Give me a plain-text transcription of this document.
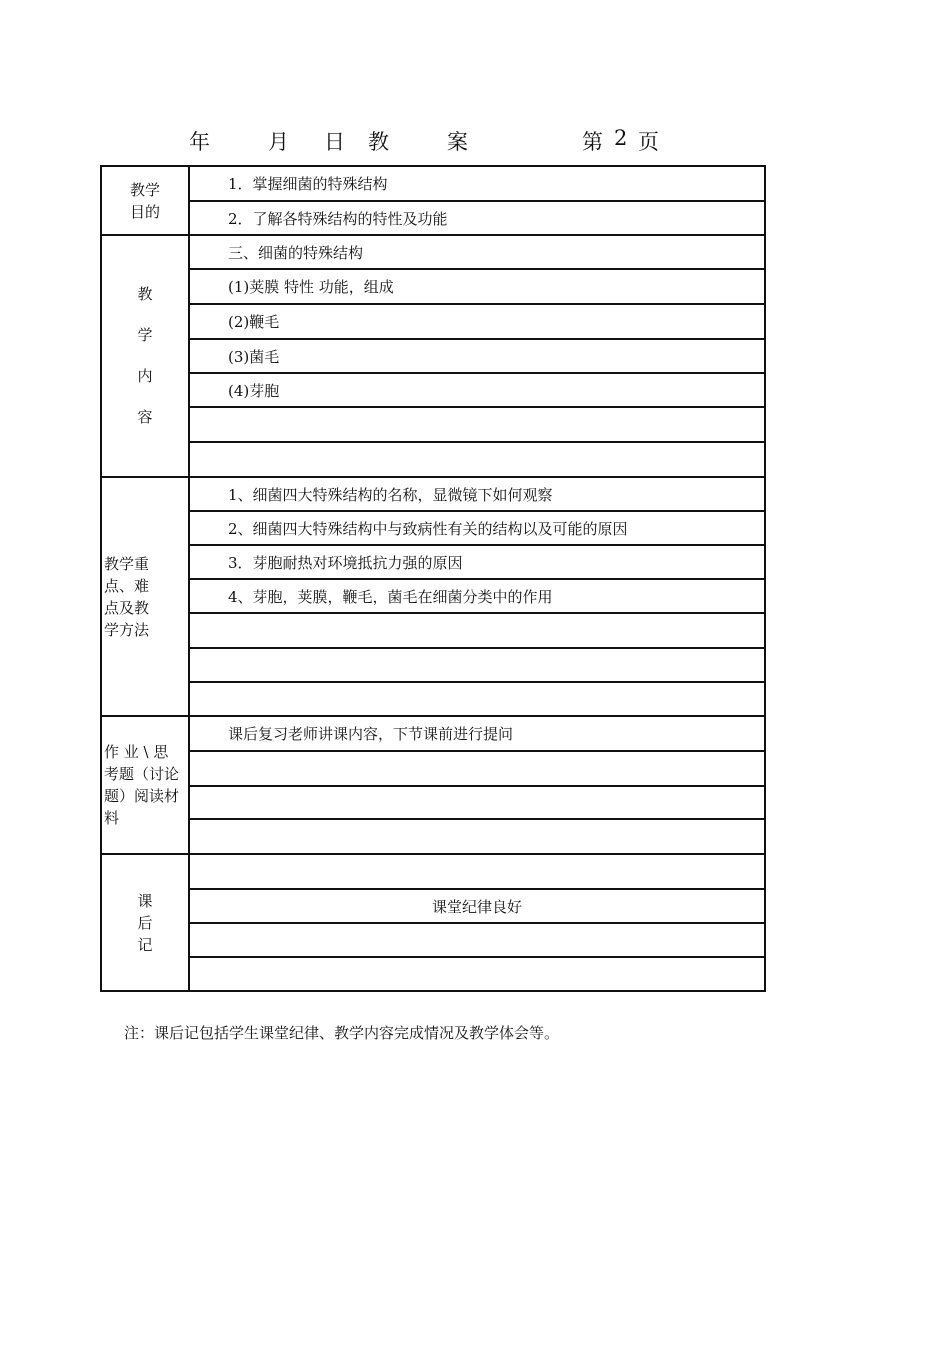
年	月 日 教	案	第 2 页
教学
目的	1．掌握细菌的特殊结构
	2．了解各特殊结构的特性及功能

教
学
内
容	三、细菌的特殊结构
	(1)荚膜 特性 功能，组成
	(2)鞭毛
	(3)菌毛
	(4)芽胞

教学重
点、难
点及教
学方法	1、细菌四大特殊结构的名称，显微镜下如何观察
	2、细菌四大特殊结构中与致病性有关的结构以及可能的原因
	3．芽胞耐热对环境抵抗力强的原因
	4、芽胞，荚膜，鞭毛，菌毛在细菌分类中的作用

作 业 \ 思
考题（讨论
题）阅读材
料	课后复习老师讲课内容，下节课前进行提问

课
后
记	

	课堂纪律良好

注：课后记包括学生课堂纪律、教学内容完成情况及教学体会等。
